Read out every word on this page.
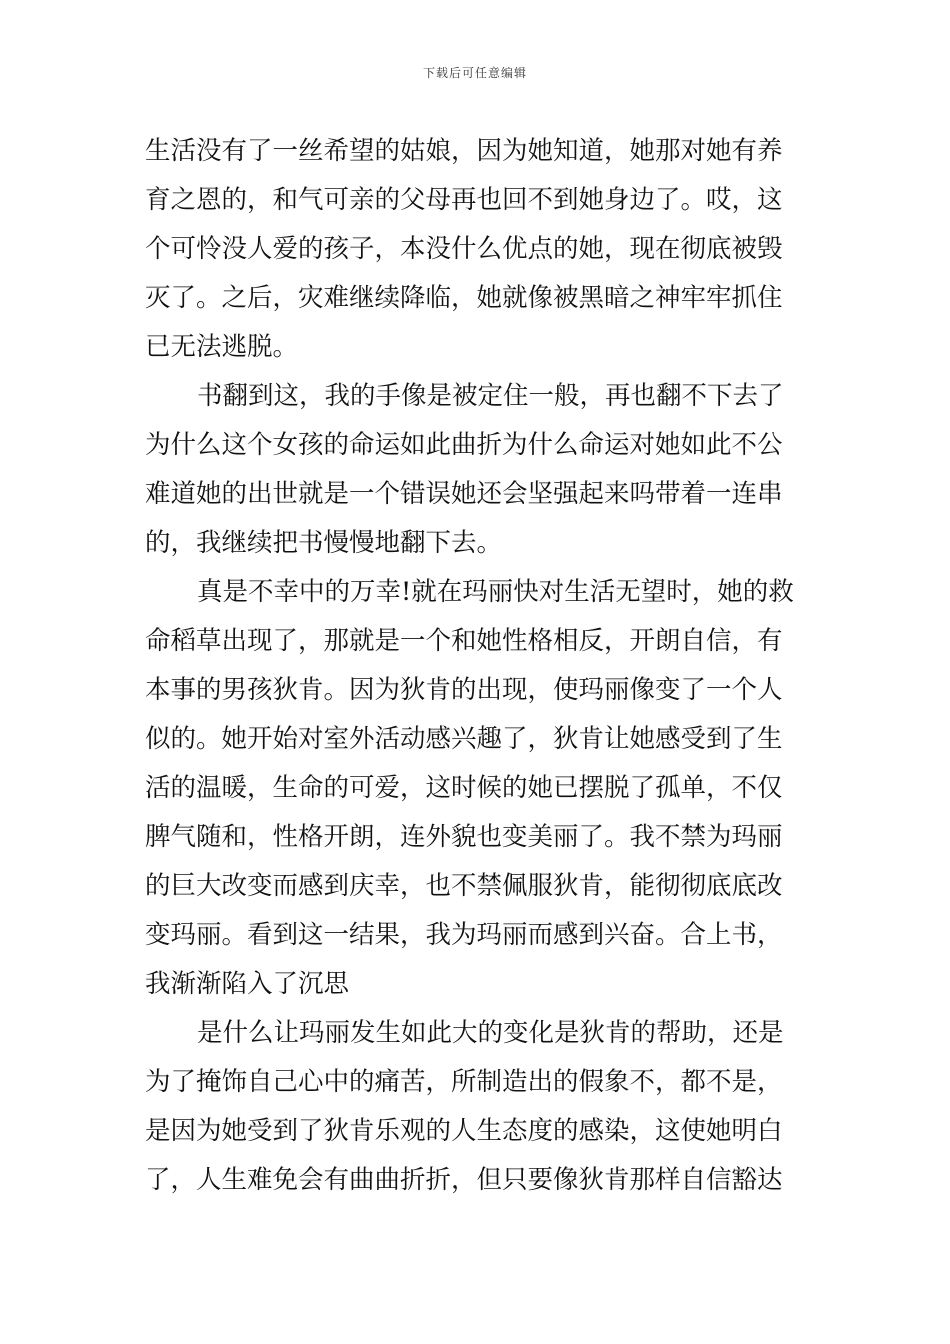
下载后可任意编辑

生活没有了一丝希望的姑娘，因为她知道，她那对她有养
育之恩的，和气可亲的父母再也回不到她身边了。哎，这
个可怜没人爱的孩子，本没什么优点的她，现在彻底被毁
灭了。之后，灾难继续降临，她就像被黑暗之神牢牢抓住
已无法逃脱。

书翻到这，我的手像是被定住一般，再也翻不下去了
为什么这个女孩的命运如此曲折为什么命运对她如此不公
难道她的出世就是一个错误她还会坚强起来吗带着一连串
的，我继续把书慢慢地翻下去。

真是不幸中的万幸!就在玛丽快对生活无望时，她的救
命稻草出现了，那就是一个和她性格相反，开朗自信，有
本事的男孩狄肯。因为狄肯的出现，使玛丽像变了一个人
似的。她开始对室外活动感兴趣了，狄肯让她感受到了生
活的温暖，生命的可爱，这时候的她已摆脱了孤单，不仅
脾气随和，性格开朗，连外貌也变美丽了。我不禁为玛丽
的巨大改变而感到庆幸，也不禁佩服狄肯，能彻彻底底改
变玛丽。看到这一结果，我为玛丽而感到兴奋。合上书，
我渐渐陷入了沉思

是什么让玛丽发生如此大的变化是狄肯的帮助，还是
为了掩饰自己心中的痛苦，所制造出的假象不，都不是，
是因为她受到了狄肯乐观的人生态度的感染，这使她明白
了，人生难免会有曲曲折折，但只要像狄肯那样自信豁达
